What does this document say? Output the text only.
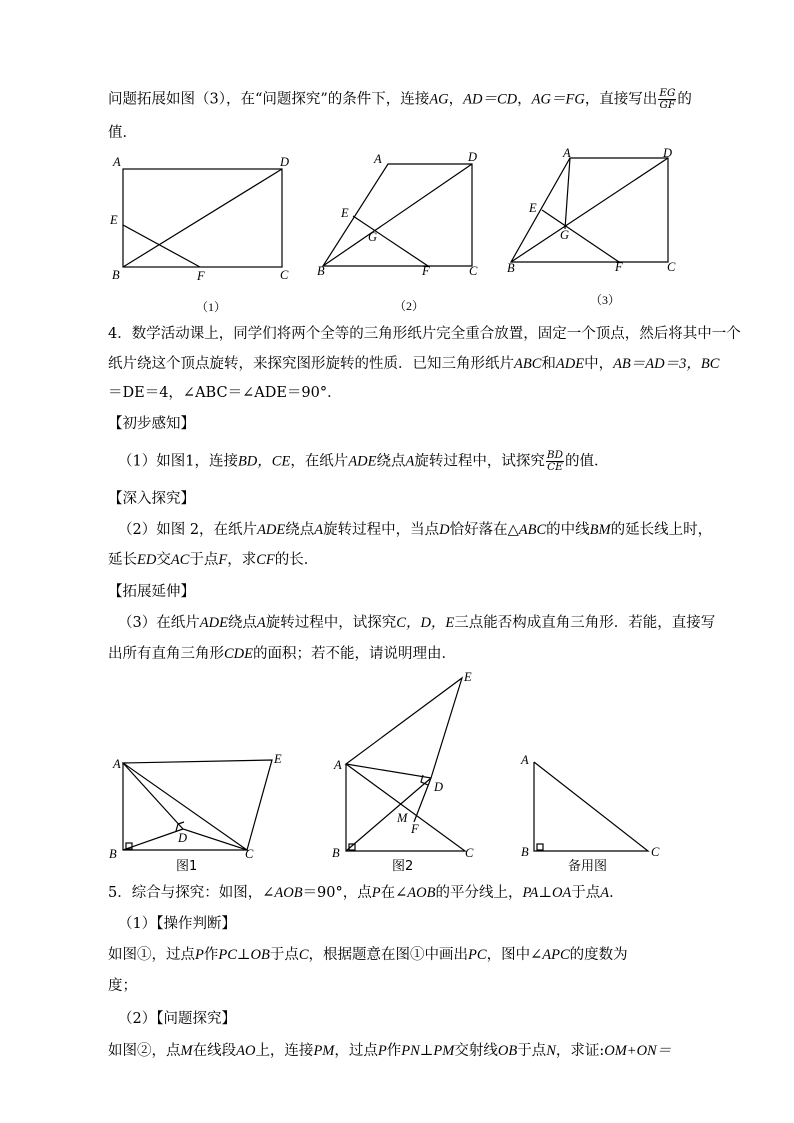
问题拓展如图（3），在“问题探究”的条件下，连接AG，AD＝CD，AG＝FG，直接写出 $\frac{EG}{GF}$ 的
值．
A	D
E
B	F	C
（1）
A	D
E
G
B	F	C
（2）
A	D
E
G
B	F	C
（3）
A	E
D
B	C
图1
A
E
D
M
F
B	C
图2
A
B	C
备用图
4．数学活动课上，同学们将两个全等的三角形纸片完全重合放置，固定一个顶点，然后将其中一个
纸片绕这个顶点旋转，来探究图形旋转的性质．已知三角形纸片ABC和ADE中，AB＝AD＝3，BC
＝DE＝4，∠ABC＝∠ADE＝90°．
【初步感知】
（1）如图1，连接BD，CE，在纸片ADE绕点A旋转过程中，试探究 $\frac{BD}{CE}$ 的值．
【深入探究】
（2）如图 2，在纸片ADE绕点A旋转过程中，当点D恰好落在△ABC的中线BM的延长线上时，
延长ED交AC于点F，求CF的长．
【拓展延伸】
（3）在纸片ADE绕点A旋转过程中，试探究C，D，E三点能否构成直角三角形．若能，直接写
出所有直角三角形CDE的面积；若不能，请说明理由．
5．综合与探究：如图，∠AOB＝90°，点P在∠AOB的平分线上，PA⊥OA于点A．
（1）【操作判断】
如图①，过点P作PC⊥OB于点C，根据题意在图①中画出PC，图中∠APC的度数为
度；
（2）【问题探究】
如图②，点M在线段AO上，连接PM，过点P作PN⊥PM交射线OB于点N，求证:OM+ON＝
